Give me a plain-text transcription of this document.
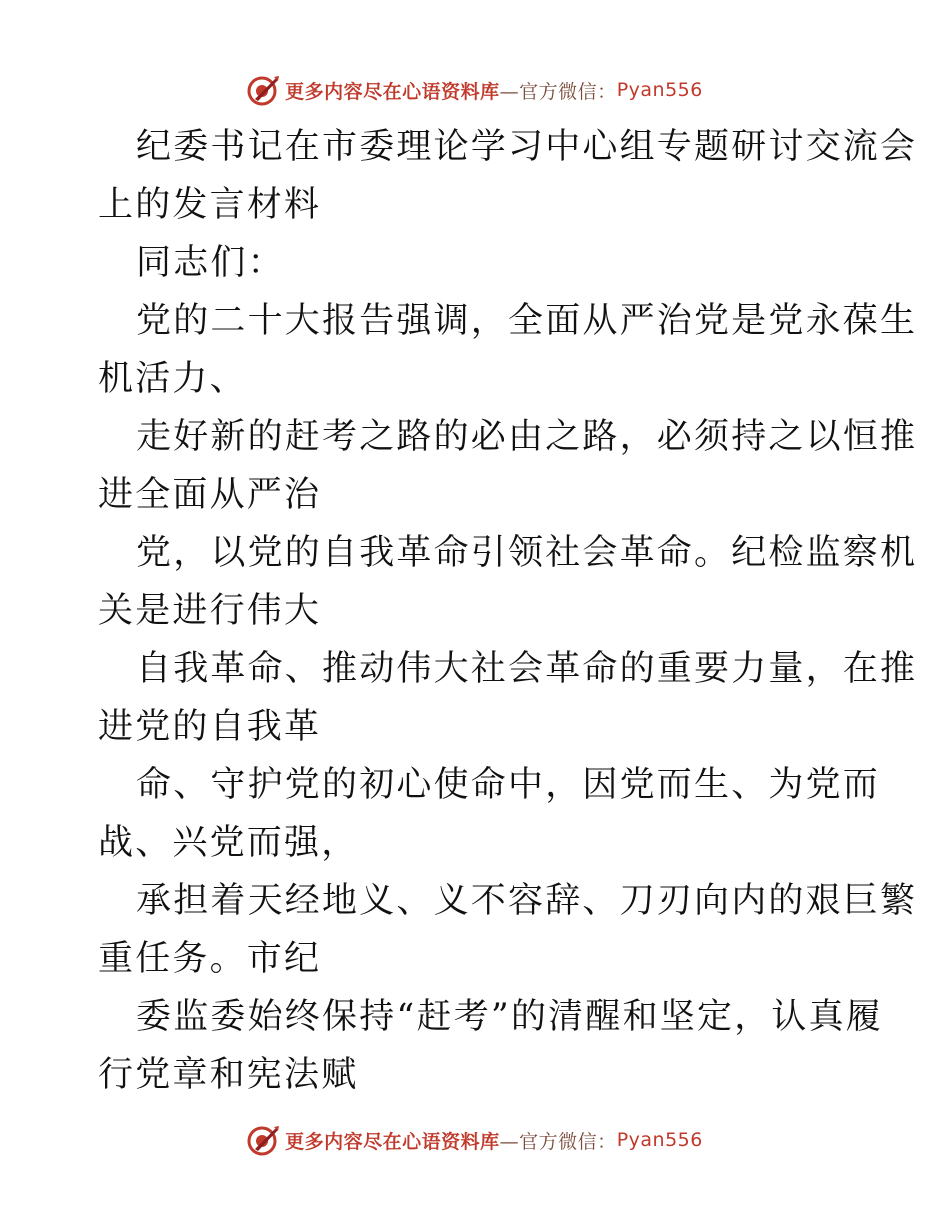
更多内容尽在心语资料库 —官方微信： Pyan556
纪委书记在市委理论学习中心组专题研讨交流会
上的发言材料
同志们：
党的二十大报告强调，全面从严治党是党永葆生
机活力、
走好新的赶考之路的必由之路，必须持之以恒推
进全面从严治
党，以党的自我革命引领社会革命。纪检监察机
关是进行伟大
自我革命、推动伟大社会革命的重要力量，在推
进党的自我革
命、守护党的初心使命中，因党而生、为党而
战、兴党而强，
承担着天经地义、义不容辞、刀刃向内的艰巨繁
重任务。市纪
委监委始终保持“赶考”的清醒和坚定，认真履
行党章和宪法赋
更多内容尽在心语资料库 —官方微信： Pyan556
